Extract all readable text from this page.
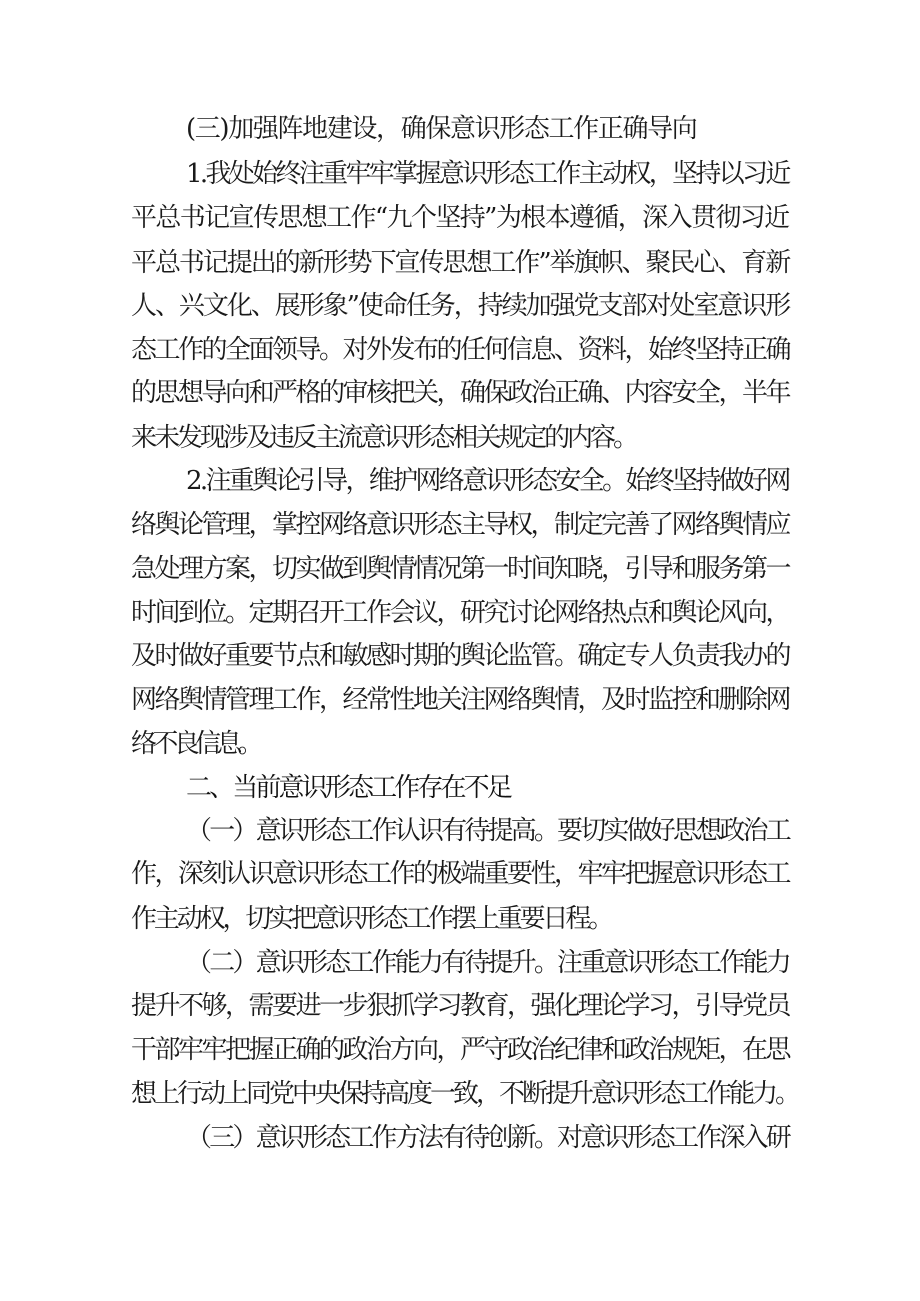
(三)加强阵地建设，确保意识形态工作正确导向
1.我处始终注重牢牢掌握意识形态工作主动权，坚持以习近
平总书记宣传思想工作“九个坚持”为根本遵循，深入贯彻习近
平总书记提出的新形势下宣传思想工作”举旗帜、聚民心、育新
人、兴文化、展形象”使命任务，持续加强党支部对处室意识形
态工作的全面领导。对外发布的任何信息、资料，始终坚持正确
的思想导向和严格的审核把关，确保政治正确、内容安全，半年
来未发现涉及违反主流意识形态相关规定的内容。
2.注重舆论引导，维护网络意识形态安全。始终坚持做好网
络舆论管理，掌控网络意识形态主导权，制定完善了网络舆情应
急处理方案，切实做到舆情情况第一时间知晓，引导和服务第一
时间到位。定期召开工作会议，研究讨论网络热点和舆论风向，
及时做好重要节点和敏感时期的舆论监管。确定专人负责我办的
网络舆情管理工作，经常性地关注网络舆情，及时监控和删除网
络不良信息。
二、当前意识形态工作存在不足
（一）意识形态工作认识有待提高。要切实做好思想政治工
作，深刻认识意识形态工作的极端重要性，牢牢把握意识形态工
作主动权，切实把意识形态工作摆上重要日程。
（二）意识形态工作能力有待提升。注重意识形态工作能力
提升不够，需要进一步狠抓学习教育，强化理论学习，引导党员
干部牢牢把握正确的政治方向，严守政治纪律和政治规矩，在思
想上行动上同党中央保持高度一致，不断提升意识形态工作能力。
（三）意识形态工作方法有待创新。对意识形态工作深入研
